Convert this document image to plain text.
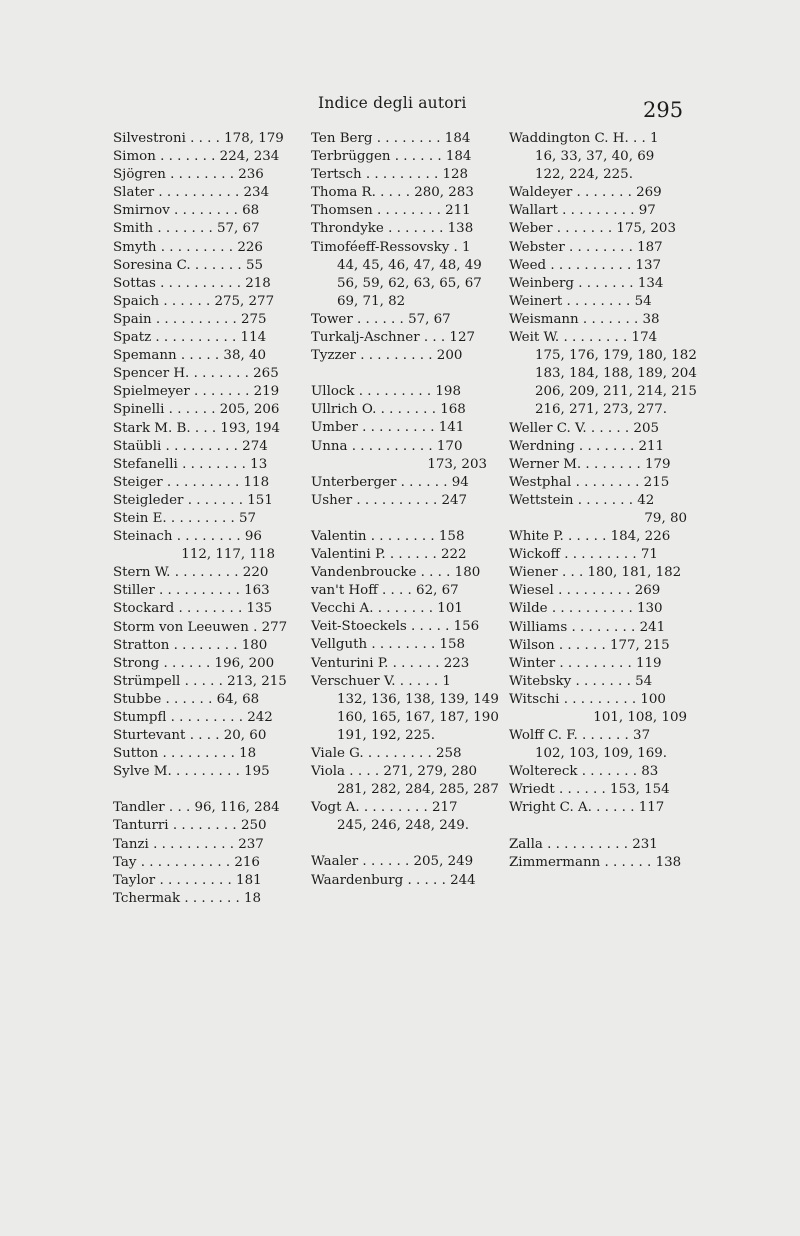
Indice degli autori	295
Silvestroni . . . . 178, 179
Simon . . . . . . . 224, 234
Sjögren . . . . . . . . 236
Slater . . . . . . . . . . 234
Smirnov . . . . . . . . 68
Smith . . . . . . . 57, 67
Smyth . . . . . . . . . 226
Soresina C. . . . . . . 55
Sottas . . . . . . . . . . 218
Spaich . . . . . . 275, 277
Spain . . . . . . . . . . 275
Spatz . . . . . . . . . . 114
Spemann . . . . . 38, 40
Spencer H. . . . . . . . 265
Spielmeyer . . . . . . . 219
Spinelli . . . . . . 205, 206
Stark M. B. . . . 193, 194
Staübli . . . . . . . . . 274
Stefanelli . . . . . . . . 13
Steiger . . . . . . . . . 118
Steigleder . . . . . . . 151
Stein E. . . . . . . . . 57
Steinach . . . . . . . . 96
112, 117, 118
Stern W. . . . . . . . . 220
Stiller . . . . . . . . . . 163
Stockard . . . . . . . . 135
Storm von Leeuwen . 277
Stratton . . . . . . . . 180
Strong . . . . . . 196, 200
Strümpell . . . . . 213, 215
Stubbe . . . . . . 64, 68
Stumpfl . . . . . . . . . 242
Sturtevant . . . . 20, 60
Sutton . . . . . . . . . 18
Sylve M. . . . . . . . . 195
Tandler . . . 96, 116, 284
Tanturri . . . . . . . . 250
Tanzi . . . . . . . . . . 237
Tay . . . . . . . . . . . 216
Taylor . . . . . . . . . 181
Tchermak . . . . . . . 18
Ten Berg . . . . . . . . 184
Terbrüggen . . . . . . 184
Tertsch . . . . . . . . . 128
Thoma R. . . . . 280, 283
Thomsen . . . . . . . . 211
Throndyke . . . . . . . 138
Timoféeff-Ressovsky . 1
44, 45, 46, 47, 48, 49
56, 59, 62, 63, 65, 67
69, 71, 82
Tower . . . . . . 57, 67
Turkalj-Aschner . . . 127
Tyzzer . . . . . . . . . 200
Ullock . . . . . . . . . 198
Ullrich O. . . . . . . . 168
Umber . . . . . . . . . 141
Unna . . . . . . . . . . 170
173, 203
Unterberger . . . . . . 94
Usher . . . . . . . . . . 247
Valentin . . . . . . . . 158
Valentini P. . . . . . . 222
Vandenbroucke . . . . 180
van't Hoff . . . . 62, 67
Vecchi A. . . . . . . . 101
Veit-Stoeckels . . . . . 156
Vellguth . . . . . . . . 158
Venturini P. . . . . . . 223
Verschuer V. . . . . . 1
132, 136, 138, 139, 149
160, 165, 167, 187, 190
191, 192, 225.
Viale G. . . . . . . . . 258
Viola . . . . 271, 279, 280
281, 282, 284, 285, 287
Vogt A. . . . . . . . . 217
245, 246, 248, 249.
Waaler . . . . . . 205, 249
Waardenburg . . . . . 244
Waddington C. H. . . 1
16, 33, 37, 40, 69
122, 224, 225.
Waldeyer . . . . . . . 269
Wallart . . . . . . . . . 97
Weber . . . . . . . 175, 203
Webster . . . . . . . . 187
Weed . . . . . . . . . . 137
Weinberg . . . . . . . 134
Weinert . . . . . . . . 54
Weismann . . . . . . . 38
Weit W. . . . . . . . . 174
175, 176, 179, 180, 182
183, 184, 188, 189, 204
206, 209, 211, 214, 215
216, 271, 273, 277.
Weller C. V. . . . . . 205
Werdning . . . . . . . 211
Werner M. . . . . . . . 179
Westphal . . . . . . . . 215
Wettstein . . . . . . . 42
79, 80
White P. . . . . . 184, 226
Wickoff . . . . . . . . . 71
Wiener . . . 180, 181, 182
Wiesel . . . . . . . . . 269
Wilde . . . . . . . . . . 130
Williams . . . . . . . . 241
Wilson . . . . . . 177, 215
Winter . . . . . . . . . 119
Witebsky . . . . . . . 54
Witschi . . . . . . . . . 100
101, 108, 109
Wolff C. F. . . . . . . 37
102, 103, 109, 169.
Woltereck . . . . . . . 83
Wriedt . . . . . . 153, 154
Wright C. A. . . . . . 117
Zalla . . . . . . . . . . 231
Zimmermann . . . . . . 138
